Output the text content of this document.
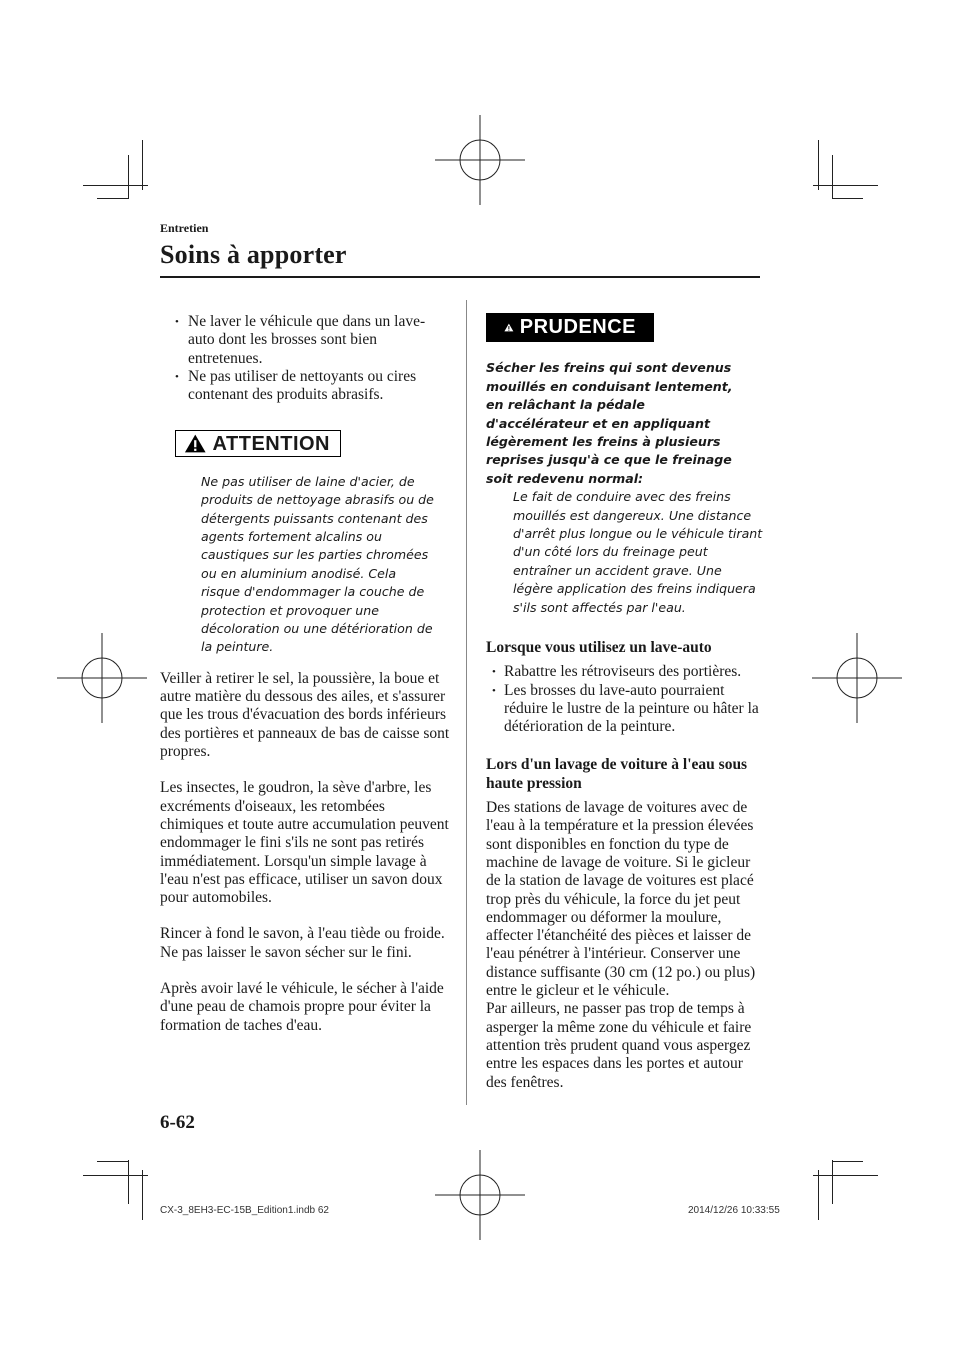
Entretien
Soins à apporter
• Ne laver le véhicule que dans un lave-auto dont les brosses sont bien entretenues.
• Ne pas utiliser de nettoyants ou cires contenant des produits abrasifs.
ATTENTION

Ne pas utiliser de laine d'acier, de produits de nettoyage abrasifs ou de détergents puissants contenant des agents fortement alcalins ou caustiques sur les parties chromées ou en aluminium anodisé. Cela risque d'endommager la couche de protection et provoquer une décoloration ou une détérioration de la peinture.

Veiller à retirer le sel, la poussière, la boue et autre matière du dessous des ailes, et s'assurer que les trous d'évacuation des bords inférieurs des portières et panneaux de bas de caisse sont propres.

Les insectes, le goudron, la sève d'arbre, les excréments d'oiseaux, les retombées chimiques et toute autre accumulation peuvent endommager le fini s'ils ne sont pas retirés immédiatement. Lorsqu'un simple lavage à l'eau n'est pas efficace, utiliser un savon doux pour automobiles.

Rincer à fond le savon, à l'eau tiède ou froide. Ne pas laisser le savon sécher sur le fini.

Après avoir lavé le véhicule, le sécher à l'aide d'une peau de chamois propre pour éviter la formation de taches d'eau.

PRUDENCE

Sécher les freins qui sont devenus mouillés en conduisant lentement, en relâchant la pédale d'accélérateur et en appliquant légèrement les freins à plusieurs reprises jusqu'à ce que le freinage soit redevenu normal:

Le fait de conduire avec des freins mouillés est dangereux. Une distance d'arrêt plus longue ou le véhicule tirant d'un côté lors du freinage peut entraîner un accident grave. Une légère application des freins indiquera s'ils sont affectés par l'eau.

Lorsque vous utilisez un lave-auto

• Rabattre les rétroviseurs des portières.
• Les brosses du lave-auto pourraient réduire le lustre de la peinture ou hâter la détérioration de la peinture.

Lors d'un lavage de voiture à l'eau sous haute pression

Des stations de lavage de voitures avec de l'eau à la température et la pression élevées sont disponibles en fonction du type de machine de lavage de voiture. Si le gicleur de la station de lavage de voitures est placé trop près du véhicule, la force du jet peut endommager ou déformer la moulure, affecter l'étanchéité des pièces et laisser de l'eau pénétrer à l'intérieur. Conserver une distance suffisante (30 cm (12 po.) ou plus) entre le gicleur et le véhicule.

Par ailleurs, ne passer pas trop de temps à asperger la même zone du véhicule et faire attention très prudent quand vous aspergez entre les espaces dans les portes et autour des fenêtres.

6-62
CX-3_8EH3-EC-15B_Edition1.indb 62	2014/12/26 10:33:55
